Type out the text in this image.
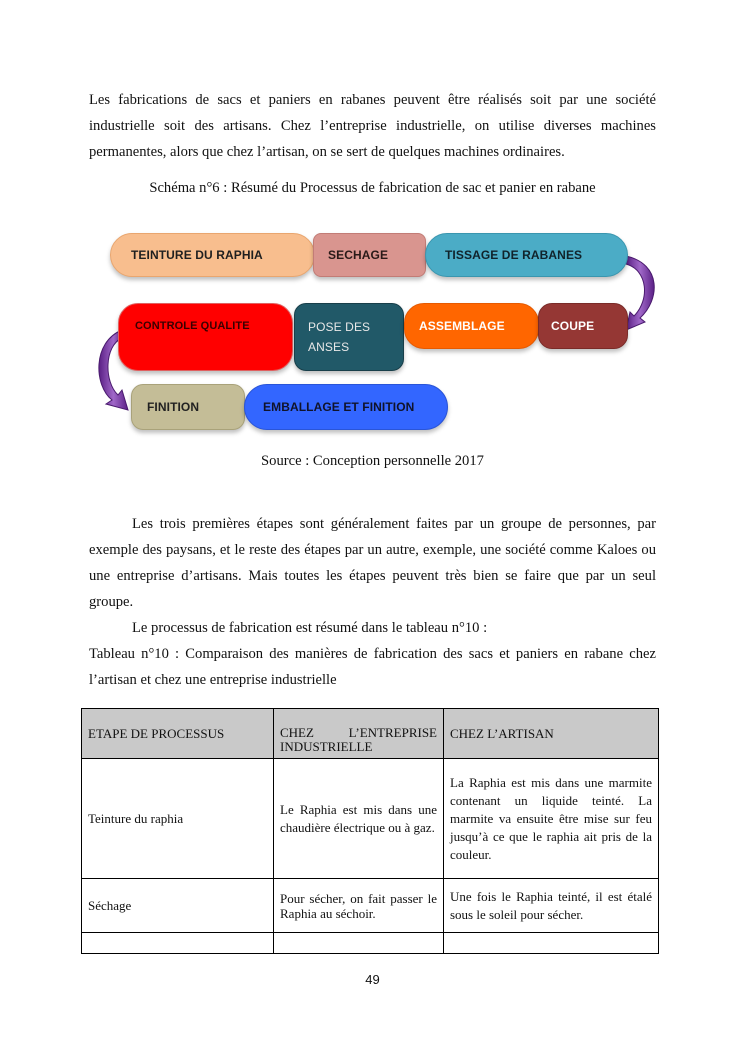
Les fabrications de sacs et paniers en rabanes peuvent être réalisés soit par une société industrielle soit des artisans. Chez l’entreprise industrielle, on utilise diverses machines permanentes, alors que chez l’artisan, on se sert de quelques machines ordinaires.

Schéma n°6 : Résumé du Processus de fabrication de sac et panier en rabane

TEINTURE DU RAPHIA	SECHAGE	TISSAGE DE RABANES
CONTROLE QUALITE	POSE DES ANSES
ASSEMBLAGE	COUPE
FINITION	EMBALLAGE ET FINITION

Source : Conception personnelle 2017

Les trois premières étapes sont généralement faites par un groupe de personnes, par exemple des paysans, et le reste des étapes par un autre, exemple, une société comme Kaloes ou une entreprise d’artisans. Mais toutes les étapes peuvent très bien se faire que par un seul groupe.

Le processus de fabrication est résumé dans le tableau n°10 :

Tableau n°10 : Comparaison des manières de fabrication des sacs et paniers en rabane chez l’artisan et chez une entreprise industrielle

ETAPE DE PROCESSUS	CHEZ L’ENTREPRISE INDUSTRIELLE	CHEZ L’ARTISAN
Teinture du raphia	Le Raphia est mis dans une chaudière électrique ou à gaz.	La Raphia est mis dans une marmite contenant un liquide teinté. La marmite va ensuite être mise sur feu jusqu’à ce que le raphia ait pris de la couleur.
Séchage	Pour sécher, on fait passer le Raphia au séchoir.	Une fois le Raphia teinté, il est étalé sous le soleil pour sécher.

49
